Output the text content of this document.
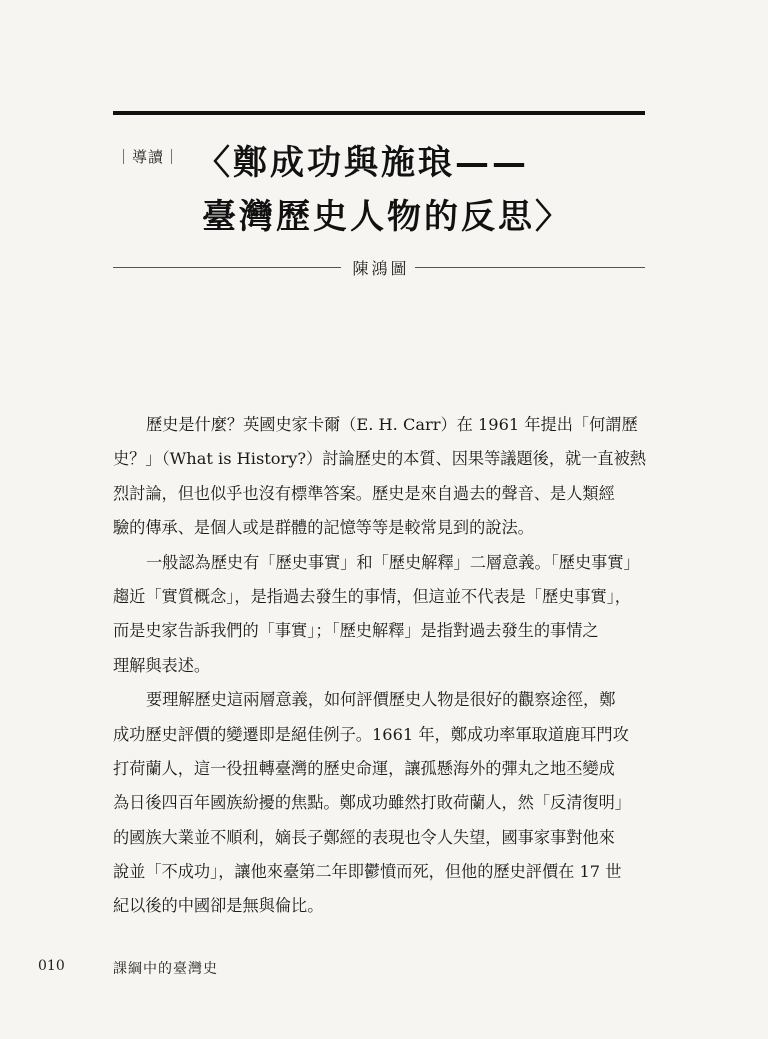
｜導讀｜ 〈鄭成功與施琅——
臺灣歷史人物的反思〉
陳鴻圖
歷史是什麼？英國史家卡爾（E. H. Carr）在 1961 年提出「何謂歷
史？」（What is History?）討論歷史的本質、因果等議題後，就一直被熱
烈討論，但也似乎也沒有標準答案。歷史是來自過去的聲音、是人類經
驗的傳承、是個人或是群體的記憶等等是較常見到的說法。
一般認為歷史有「歷史事實」和「歷史解釋」二層意義。「歷史事實」
趨近「實質概念」，是指過去發生的事情，但這並不代表是「歷史事實」，
而是史家告訴我們的「事實」；「歷史解釋」是指對過去發生的事情之
理解與表述。
要理解歷史這兩層意義，如何評價歷史人物是很好的觀察途徑，鄭
成功歷史評價的變遷即是絕佳例子。1661 年，鄭成功率軍取道鹿耳門攻
打荷蘭人，這一役扭轉臺灣的歷史命運，讓孤懸海外的彈丸之地丕變成
為日後四百年國族紛擾的焦點。鄭成功雖然打敗荷蘭人，然「反清復明」
的國族大業並不順利，嫡長子鄭經的表現也令人失望，國事家事對他來
說並「不成功」，讓他來臺第二年即鬱憤而死，但他的歷史評價在 17 世
紀以後的中國卻是無與倫比。
010	課綱中的臺灣史
